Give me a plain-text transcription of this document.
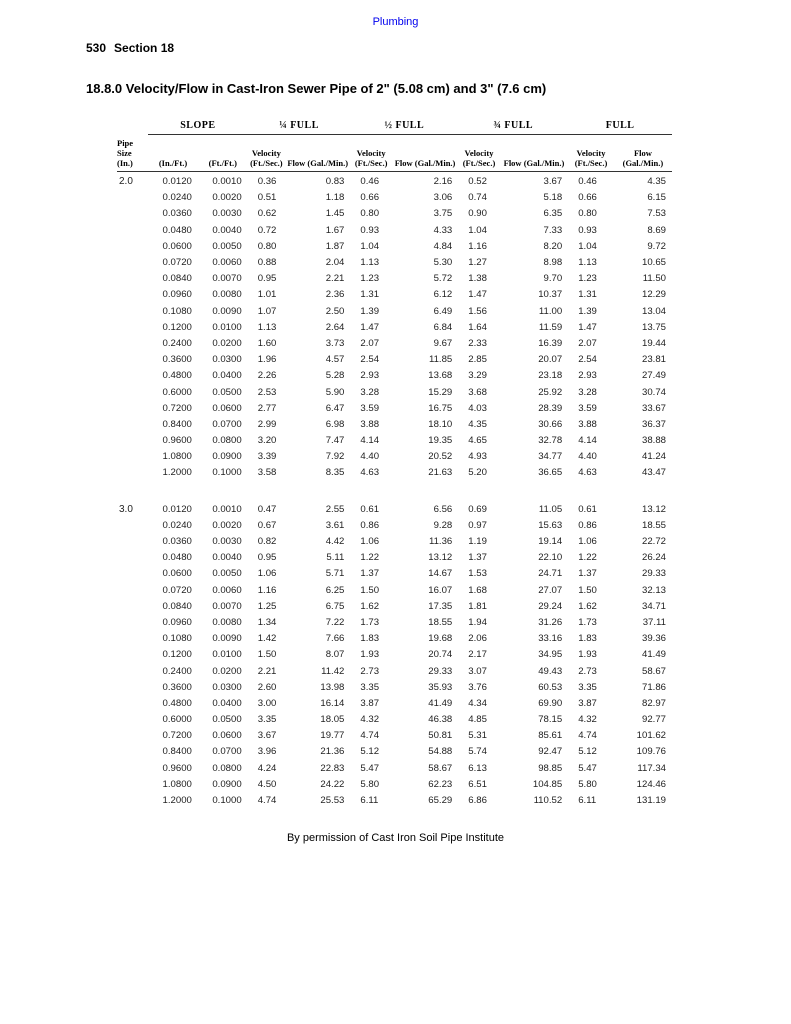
Plumbing
530 Section 18
18.8.0 Velocity/Flow in Cast-Iron Sewer Pipe of 2" (5.08 cm) and 3" (7.6 cm)
	SLOPE		¼ FULL		½ FULL		¾ FULL		FULL	
Pipe Size (In.)	(In./Ft.)	(Ft./Ft.)	Velocity (Ft./Sec.)	Flow (Gal./Min.)	Velocity (Ft./Sec.)	Flow (Gal./Min.)	Velocity (Ft./Sec.)	Flow (Gal./Min.)	Velocity (Ft./Sec.)	Flow (Gal./Min.)
2.0	0.0120	0.0010	0.36	0.83	0.46	2.16	0.52	3.67	0.46	4.35
	0.0240	0.0020	0.51	1.18	0.66	3.06	0.74	5.18	0.66	6.15
	0.0360	0.0030	0.62	1.45	0.80	3.75	0.90	6.35	0.80	7.53
	0.0480	0.0040	0.72	1.67	0.93	4.33	1.04	7.33	0.93	8.69
	0.0600	0.0050	0.80	1.87	1.04	4.84	1.16	8.20	1.04	9.72
	0.0720	0.0060	0.88	2.04	1.13	5.30	1.27	8.98	1.13	10.65
	0.0840	0.0070	0.95	2.21	1.23	5.72	1.38	9.70	1.23	11.50
	0.0960	0.0080	1.01	2.36	1.31	6.12	1.47	10.37	1.31	12.29
	0.1080	0.0090	1.07	2.50	1.39	6.49	1.56	11.00	1.39	13.04
	0.1200	0.0100	1.13	2.64	1.47	6.84	1.64	11.59	1.47	13.75
	0.2400	0.0200	1.60	3.73	2.07	9.67	2.33	16.39	2.07	19.44
	0.3600	0.0300	1.96	4.57	2.54	11.85	2.85	20.07	2.54	23.81
	0.4800	0.0400	2.26	5.28	2.93	13.68	3.29	23.18	2.93	27.49
	0.6000	0.0500	2.53	5.90	3.28	15.29	3.68	25.92	3.28	30.74
	0.7200	0.0600	2.77	6.47	3.59	16.75	4.03	28.39	3.59	33.67
	0.8400	0.0700	2.99	6.98	3.88	18.10	4.35	30.66	3.88	36.37
	0.9600	0.0800	3.20	7.47	4.14	19.35	4.65	32.78	4.14	38.88
	1.0800	0.0900	3.39	7.92	4.40	20.52	4.93	34.77	4.40	41.24
	1.2000	0.1000	3.58	8.35	4.63	21.63	5.20	36.65	4.63	43.47

3.0	0.0120	0.0010	0.47	2.55	0.61	6.56	0.69	11.05	0.61	13.12
	0.0240	0.0020	0.67	3.61	0.86	9.28	0.97	15.63	0.86	18.55
	0.0360	0.0030	0.82	4.42	1.06	11.36	1.19	19.14	1.06	22.72
	0.0480	0.0040	0.95	5.11	1.22	13.12	1.37	22.10	1.22	26.24
	0.0600	0.0050	1.06	5.71	1.37	14.67	1.53	24.71	1.37	29.33
	0.0720	0.0060	1.16	6.25	1.50	16.07	1.68	27.07	1.50	32.13
	0.0840	0.0070	1.25	6.75	1.62	17.35	1.81	29.24	1.62	34.71
	0.0960	0.0080	1.34	7.22	1.73	18.55	1.94	31.26	1.73	37.11
	0.1080	0.0090	1.42	7.66	1.83	19.68	2.06	33.16	1.83	39.36
	0.1200	0.0100	1.50	8.07	1.93	20.74	2.17	34.95	1.93	41.49
	0.2400	0.0200	2.21	11.42	2.73	29.33	3.07	49.43	2.73	58.67
	0.3600	0.0300	2.60	13.98	3.35	35.93	3.76	60.53	3.35	71.86
	0.4800	0.0400	3.00	16.14	3.87	41.49	4.34	69.90	3.87	82.97
	0.6000	0.0500	3.35	18.05	4.32	46.38	4.85	78.15	4.32	92.77
	0.7200	0.0600	3.67	19.77	4.74	50.81	5.31	85.61	4.74	101.62
	0.8400	0.0700	3.96	21.36	5.12	54.88	5.74	92.47	5.12	109.76
	0.9600	0.0800	4.24	22.83	5.47	58.67	6.13	98.85	5.47	117.34
	1.0800	0.0900	4.50	24.22	5.80	62.23	6.51	104.85	5.80	124.46
	1.2000	0.1000	4.74	25.53	6.11	65.29	6.86	110.52	6.11	131.19
By permission of Cast Iron Soil Pipe Institute
